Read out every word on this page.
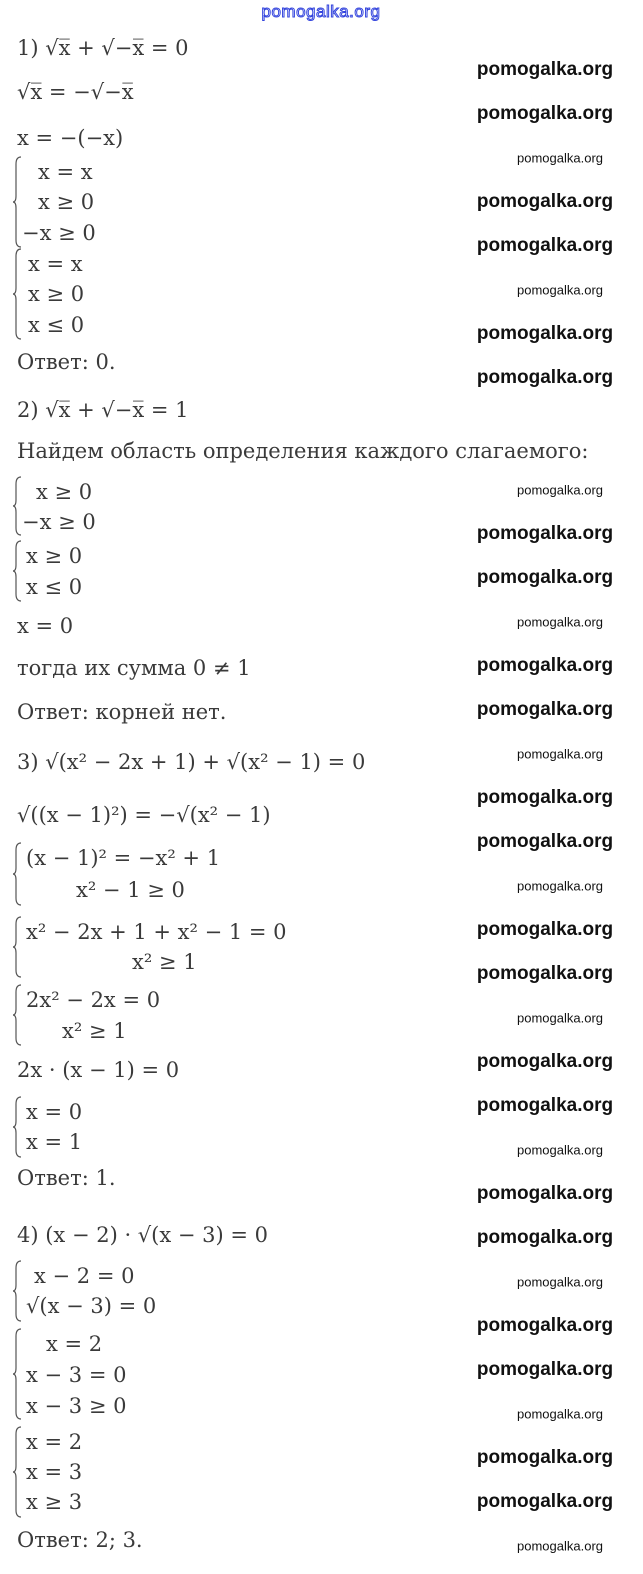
pomogalka.org
1) √x̅ + √−x̅ = 0
√x̅ = −√−x̅
x = −(−x)
x = x
x ≥ 0
−x ≥ 0
x = x
x ≥ 0
x ≤ 0
Ответ: 0.
2) √x̅ + √−x̅ = 1
Найдем область определения каждого слагаемого:
x ≥ 0
−x ≥ 0
x ≥ 0
x ≤ 0
x = 0
тогда их сумма 0 ≠ 1
Ответ: корней нет.
3) √(x² − 2x + 1) + √(x² − 1) = 0
√((x − 1)²) = −√(x² − 1)
(x − 1)² = −x² + 1
x² − 1 ≥ 0
x² − 2x + 1 + x² − 1 = 0
x² ≥ 1
2x² − 2x = 0
x² ≥ 1
2x · (x − 1) = 0
x = 0
x = 1
Ответ: 1.
4) (x − 2) · √(x − 3) = 0
x − 2 = 0
√(x − 3) = 0
x = 2
x − 3 = 0
x − 3 ≥ 0
x = 2
x = 3
x ≥ 3
Ответ: 2; 3.
pomogalka.org
pomogalka.org
pomogalka.org
pomogalka.org
pomogalka.org
pomogalka.org
pomogalka.org
pomogalka.org
pomogalka.org
pomogalka.org
pomogalka.org
pomogalka.org
pomogalka.org
pomogalka.org
pomogalka.org
pomogalka.org
pomogalka.org
pomogalka.org
pomogalka.org
pomogalka.org
pomogalka.org
pomogalka.org
pomogalka.org
pomogalka.org
pomogalka.org
pomogalka.org
pomogalka.org
pomogalka.org
pomogalka.org
pomogalka.org
pomogalka.org
pomogalka.org
pomogalka.org
